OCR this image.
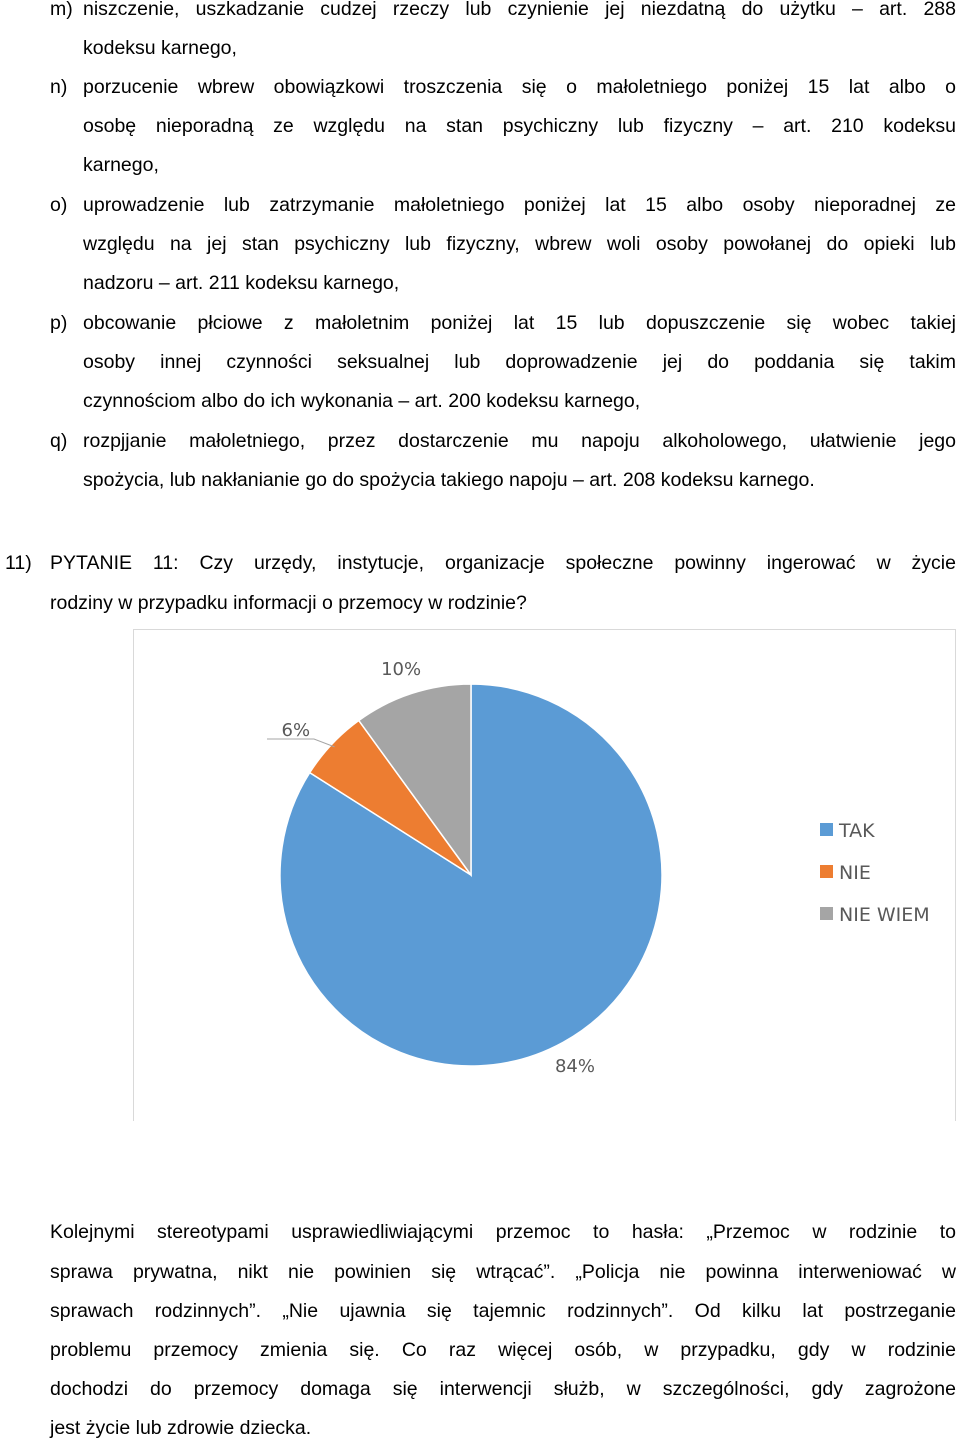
m) niszczenie, uszkadzanie cudzej rzeczy lub czynienie jej niezdatną do użytku – art. 288
kodeksu karnego,
n) porzucenie wbrew obowiązkowi troszczenia się o małoletniego poniżej 15 lat albo o
osobę nieporadną ze względu na stan psychiczny lub fizyczny – art. 210 kodeksu
karnego,
o) uprowadzenie lub zatrzymanie małoletniego poniżej lat 15 albo osoby nieporadnej ze
względu na jej stan psychiczny lub fizyczny, wbrew woli osoby powołanej do opieki lub
nadzoru – art. 211 kodeksu karnego,
p) obcowanie płciowe z małoletnim poniżej lat 15 lub dopuszczenie się wobec takiej
osoby innej czynności seksualnej lub doprowadzenie jej do poddania się takim
czynnościom albo do ich wykonania – art. 200 kodeksu karnego,
q) rozpjjanie małoletniego, przez dostarczenie mu napoju alkoholowego, ułatwienie jego
spożycia, lub nakłanianie go do spożycia takiego napoju – art. 208 kodeksu karnego.
11) PYTANIE 11: Czy urzędy, instytucje, organizacje społeczne powinny ingerować w życie
rodziny w przypadku informacji o przemocy w rodzinie?
84%
6%
10%
TAK
NIE
NIE WIEM
Kolejnymi stereotypami usprawiedliwiającymi przemoc to hasła: „Przemoc w rodzinie to
sprawa prywatna, nikt nie powinien się wtrącać”. „Policja nie powinna interweniować w
sprawach rodzinnych”. „Nie ujawnia się tajemnic rodzinnych”. Od kilku lat postrzeganie
problemu przemocy zmienia się. Co raz więcej osób, w przypadku, gdy w rodzinie
dochodzi do przemocy domaga się interwencji służb, w szczególności, gdy zagrożone
jest życie lub zdrowie dziecka.
